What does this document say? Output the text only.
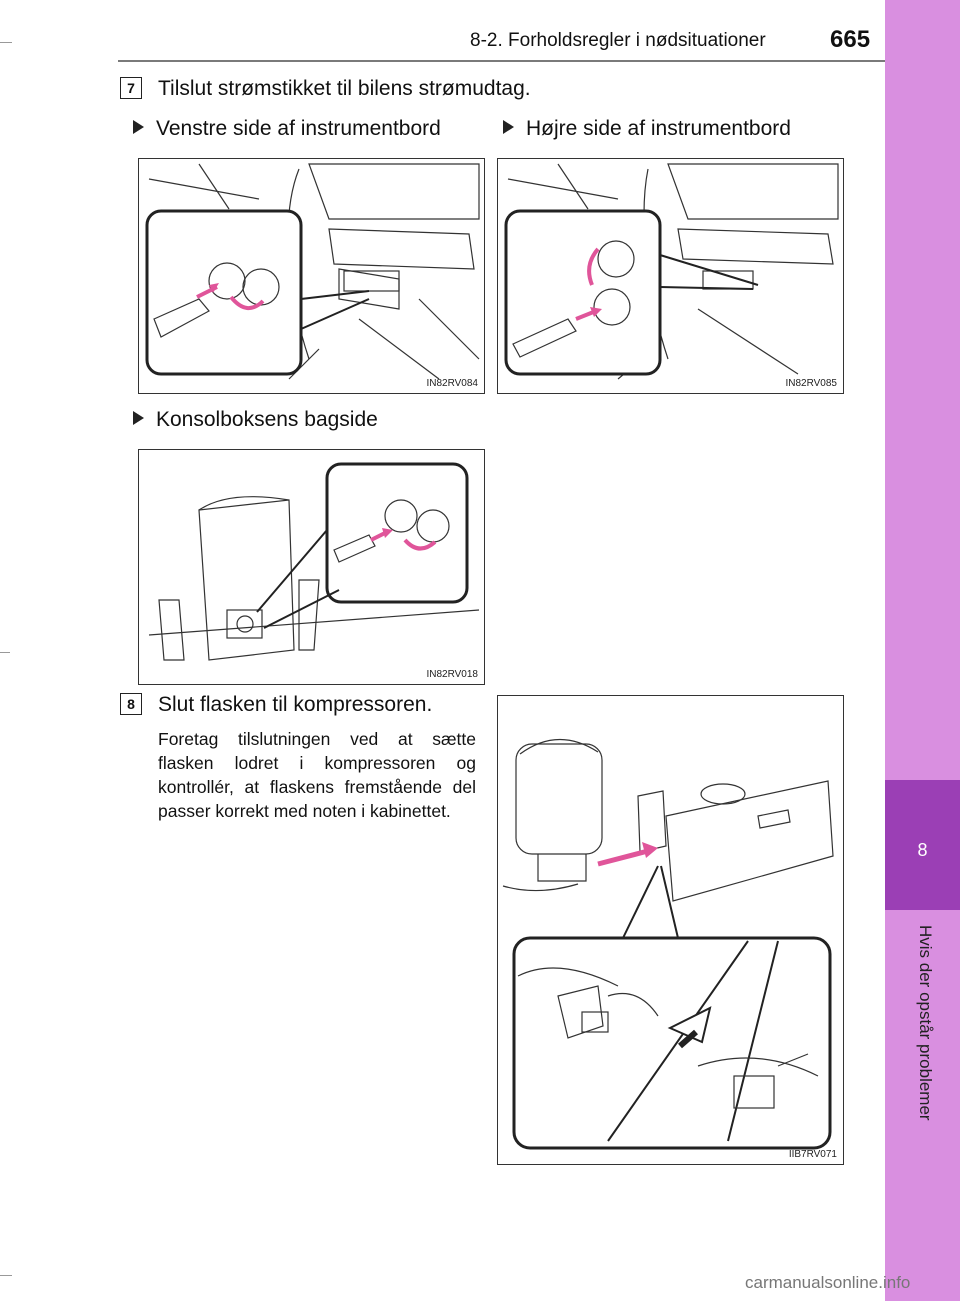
8
Hvis der opstår problemer
8-2. Forholdsregler i nødsituationer	665
7	Tilslut strømstikket til bilens strømudtag.
Venstre side af instrumentbord	Højre side af instrumentbord
IN82RV084	IN82RV085
Konsolboksens bagside
IN82RV018
8	Slut flasken til kompressoren.
Foretag tilslutningen ved at sætte flasken lodret i kompressoren og kontrollér, at flaskens fremstående del passer korrekt med noten i kabinettet.
IIB7RV071
carmanualsonline.info
